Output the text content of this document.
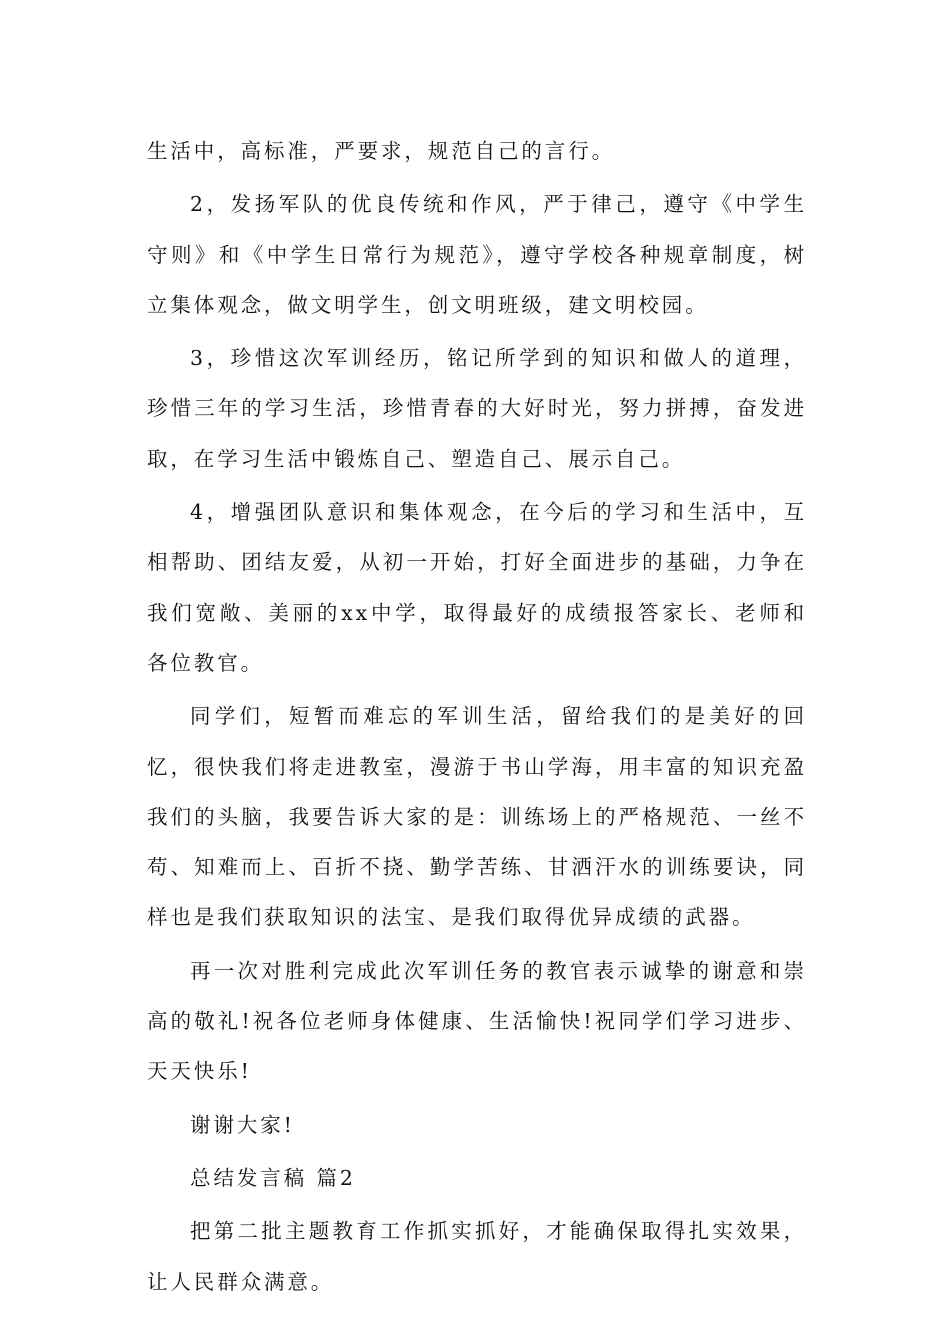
生活中，高标准，严要求，规范自己的言行。

2，发扬军队的优良传统和作风，严于律己，遵守《中学生守则》和《中学生日常行为规范》，遵守学校各种规章制度，树立集体观念，做文明学生，创文明班级，建文明校园。

3，珍惜这次军训经历，铭记所学到的知识和做人的道理，珍惜三年的学习生活，珍惜青春的大好时光，努力拼搏，奋发进取，在学习生活中锻炼自己、塑造自己、展示自己。

4，增强团队意识和集体观念，在今后的学习和生活中，互相帮助、团结友爱，从初一开始，打好全面进步的基础，力争在我们宽敞、美丽的xx中学，取得最好的成绩报答家长、老师和各位教官。

同学们，短暂而难忘的军训生活，留给我们的是美好的回忆，很快我们将走进教室，漫游于书山学海，用丰富的知识充盈我们的头脑，我要告诉大家的是：训练场上的严格规范、一丝不苟、知难而上、百折不挠、勤学苦练、甘洒汗水的训练要诀，同样也是我们获取知识的法宝、是我们取得优异成绩的武器。

再一次对胜利完成此次军训任务的教官表示诚挚的谢意和崇高的敬礼!祝各位老师身体健康、生活愉快!祝同学们学习进步、天天快乐!

谢谢大家!

总结发言稿 篇2

把第二批主题教育工作抓实抓好，才能确保取得扎实效果，让人民群众满意。
